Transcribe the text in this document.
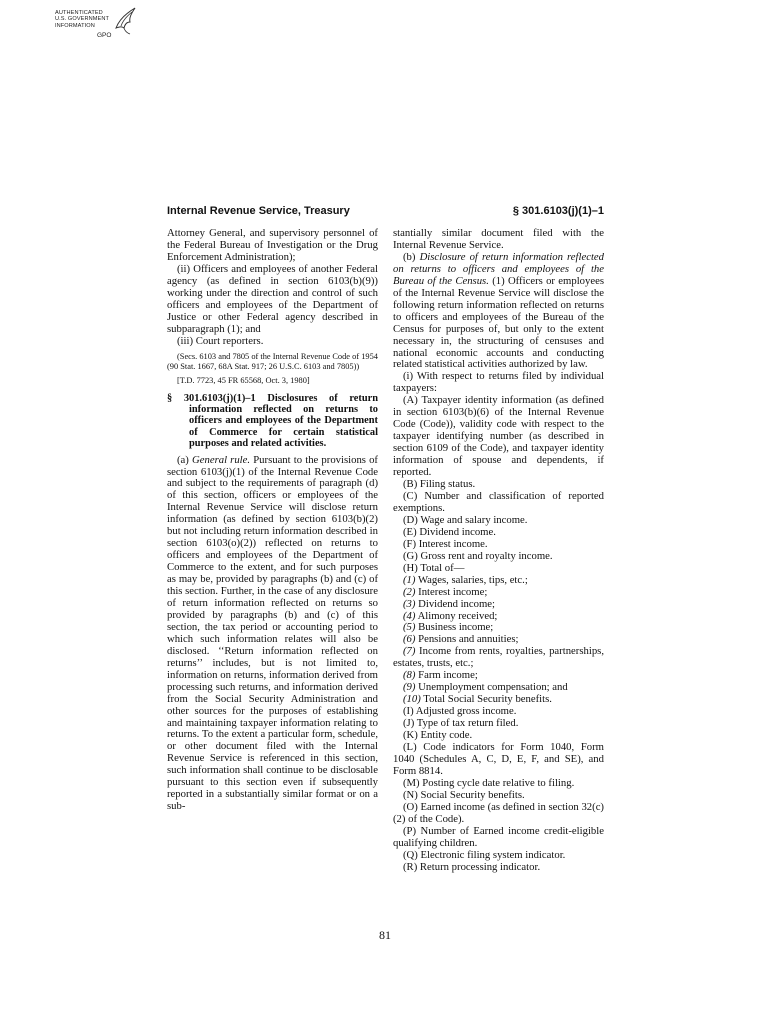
AUTHENTICATED
U.S. GOVERNMENT
INFORMATION
GPO
Internal Revenue Service, Treasury	§ 301.6103(j)(1)–1

Attorney General, and supervisory personnel of the Federal Bureau of Investigation or the Drug Enforcement Administration);

(ii) Officers and employees of another Federal agency (as defined in section 6103(b)(9)) working under the direction and control of such officers and employees of the Department of Justice or other Federal agency described in subparagraph (1); and

(iii) Court reporters.

(Secs. 6103 and 7805 of the Internal Revenue Code of 1954 (90 Stat. 1667, 68A Stat. 917; 26 U.S.C. 6103 and 7805))

[T.D. 7723, 45 FR 65568, Oct. 3, 1980]

§ 301.6103(j)(1)–1 Disclosures of return information reflected on returns to officers and employees of the Department of Commerce for certain statistical purposes and related activities.

(a) General rule. Pursuant to the provisions of section 6103(j)(1) of the Internal Revenue Code and subject to the requirements of paragraph (d) of this section, officers or employees of the Internal Revenue Service will disclose return information (as defined by section 6103(b)(2) but not including return information described in section 6103(o)(2)) reflected on returns to officers and employees of the Department of Commerce to the extent, and for such purposes as may be, provided by paragraphs (b) and (c) of this section. Further, in the case of any disclosure of return information reflected on returns so provided by paragraphs (b) and (c) of this section, the tax period or accounting period to which such information relates will also be disclosed. ‘‘Return information reflected on returns’’ includes, but is not limited to, information on returns, information derived from processing such returns, and information derived from the Social Security Administration and other sources for the purposes of establishing and maintaining taxpayer information relating to returns. To the extent a particular form, schedule, or other document filed with the Internal Revenue Service is referenced in this section, such information shall continue to be disclosable pursuant to this section even if subsequently reported in a substantially similar format or on a sub-

stantially similar document filed with the Internal Revenue Service.

(b) Disclosure of return information reflected on returns to officers and employees of the Bureau of the Census. (1) Officers or employees of the Internal Revenue Service will disclose the following return information reflected on returns to officers and employees of the Bureau of the Census for purposes of, but only to the extent necessary in, the structuring of censuses and national economic accounts and conducting related statistical activities authorized by law.

(i) With respect to returns filed by individual taxpayers:

(A) Taxpayer identity information (as defined in section 6103(b)(6) of the Internal Revenue Code (Code)), validity code with respect to the taxpayer identifying number (as described in section 6109 of the Code), and taxpayer identity information of spouse and dependents, if reported.

(B) Filing status.

(C) Number and classification of reported exemptions.

(D) Wage and salary income.

(E) Dividend income.

(F) Interest income.

(G) Gross rent and royalty income.

(H) Total of—

(1) Wages, salaries, tips, etc.;

(2) Interest income;

(3) Dividend income;

(4) Alimony received;

(5) Business income;

(6) Pensions and annuities;

(7) Income from rents, royalties, partnerships, estates, trusts, etc.;

(8) Farm income;

(9) Unemployment compensation; and

(10) Total Social Security benefits.

(I) Adjusted gross income.

(J) Type of tax return filed.

(K) Entity code.

(L) Code indicators for Form 1040, Form 1040 (Schedules A, C, D, E, F, and SE), and Form 8814.

(M) Posting cycle date relative to filing.

(N) Social Security benefits.

(O) Earned income (as defined in section 32(c)(2) of the Code).

(P) Number of Earned income credit-eligible qualifying children.

(Q) Electronic filing system indicator.

(R) Return processing indicator.

81
